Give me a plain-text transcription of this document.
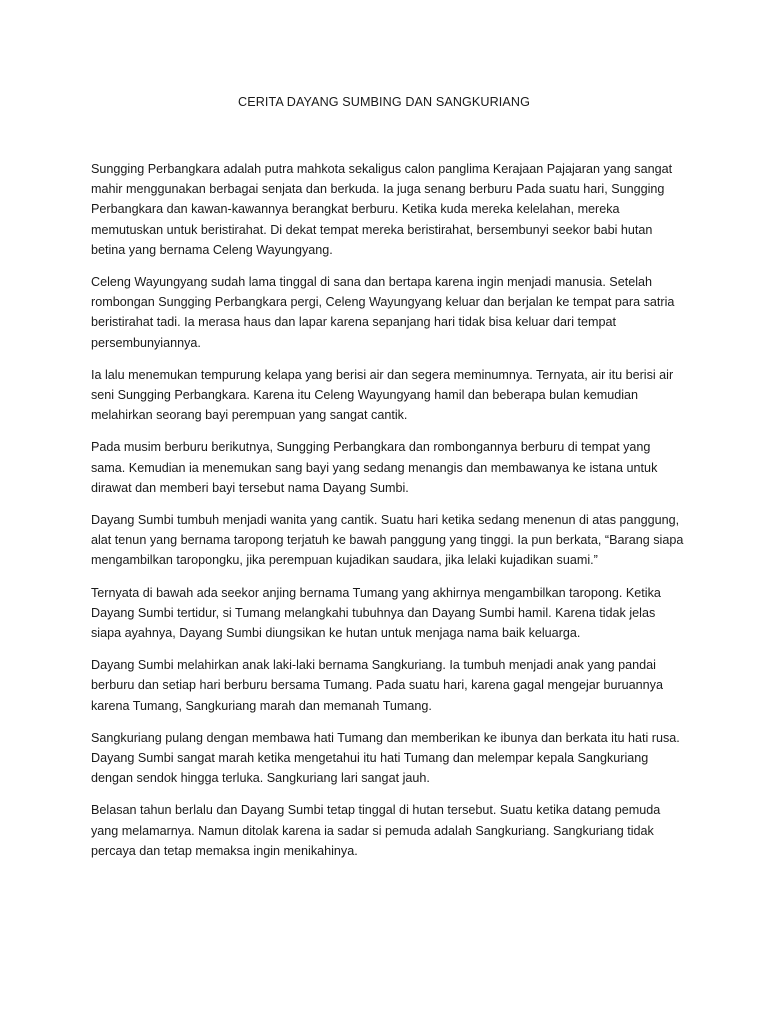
CERITA DAYANG SUMBING DAN SANGKURIANG

Sungging Perbangkara adalah putra mahkota sekaligus calon panglima Kerajaan Pajajaran yang sangat mahir menggunakan berbagai senjata dan berkuda. Ia juga senang berburu Pada suatu hari, Sungging Perbangkara dan kawan-kawannya berangkat berburu. Ketika kuda mereka kelelahan, mereka memutuskan untuk beristirahat. Di dekat tempat mereka beristirahat, bersembunyi seekor babi hutan betina yang bernama Celeng Wayungyang.

Celeng Wayungyang sudah lama tinggal di sana dan bertapa karena ingin menjadi manusia. Setelah rombongan Sungging Perbangkara pergi, Celeng Wayungyang keluar dan berjalan ke tempat para satria beristirahat tadi. Ia merasa haus dan lapar karena sepanjang hari tidak bisa keluar dari tempat persembunyiannya.

Ia lalu menemukan tempurung kelapa yang berisi air dan segera meminumnya. Ternyata, air itu berisi air seni Sungging Perbangkara. Karena itu Celeng Wayungyang hamil dan beberapa bulan kemudian melahirkan seorang bayi perempuan yang sangat cantik.

Pada musim berburu berikutnya, Sungging Perbangkara dan rombongannya berburu di tempat yang sama. Kemudian ia menemukan sang bayi yang sedang menangis dan membawanya ke istana untuk dirawat dan memberi bayi tersebut nama Dayang Sumbi.

Dayang Sumbi tumbuh menjadi wanita yang cantik. Suatu hari ketika sedang menenun di atas panggung, alat tenun yang bernama taropong terjatuh ke bawah panggung yang tinggi. Ia pun berkata, “Barang siapa mengambilkan taropongku, jika perempuan kujadikan saudara, jika lelaki kujadikan suami.”

Ternyata di bawah ada seekor anjing bernama Tumang yang akhirnya mengambilkan taropong. Ketika Dayang Sumbi tertidur, si Tumang melangkahi tubuhnya dan Dayang Sumbi hamil. Karena tidak jelas siapa ayahnya, Dayang Sumbi diungsikan ke hutan untuk menjaga nama baik keluarga.

Dayang Sumbi melahirkan anak laki-laki bernama Sangkuriang. Ia tumbuh menjadi anak yang pandai berburu dan setiap hari berburu bersama Tumang. Pada suatu hari, karena gagal mengejar buruannya karena Tumang, Sangkuriang marah dan memanah Tumang.

Sangkuriang pulang dengan membawa hati Tumang dan memberikan ke ibunya dan berkata itu hati rusa. Dayang Sumbi sangat marah ketika mengetahui itu hati Tumang dan melempar kepala Sangkuriang dengan sendok hingga terluka. Sangkuriang lari sangat jauh.

Belasan tahun berlalu dan Dayang Sumbi tetap tinggal di hutan tersebut. Suatu ketika datang pemuda yang melamarnya. Namun ditolak karena ia sadar si pemuda adalah Sangkuriang. Sangkuriang tidak percaya dan tetap memaksa ingin menikahinya.
